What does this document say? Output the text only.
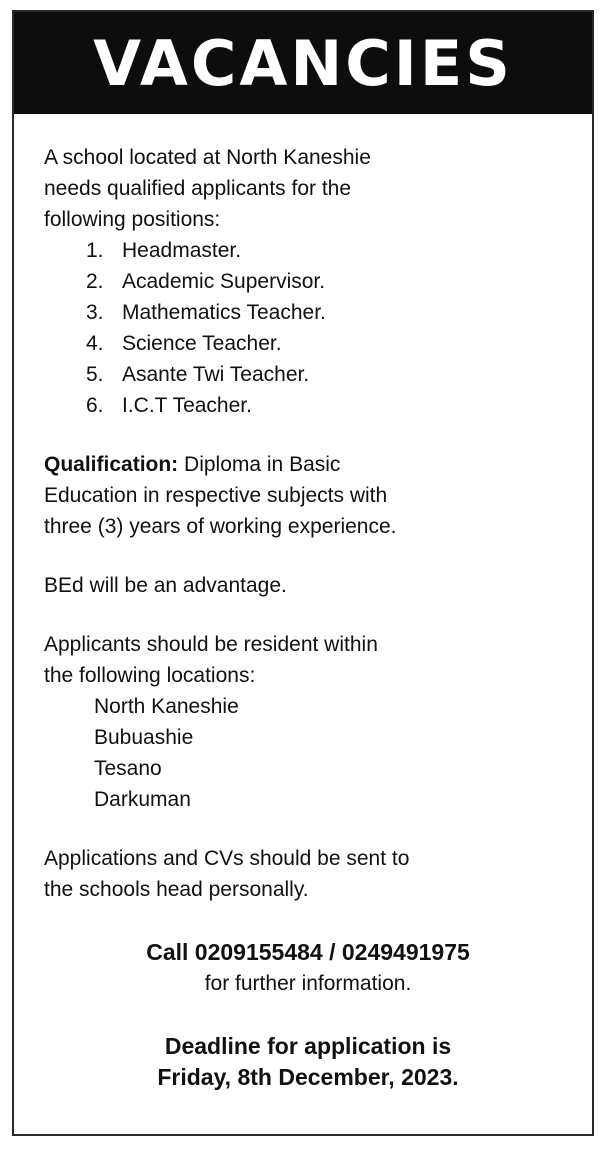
VACANCIES

A school located at North Kaneshie
needs qualified applicants for the
following positions:

1. Headmaster.
2. Academic Supervisor.
3. Mathematics Teacher.
4. Science Teacher.
5. Asante Twi Teacher.
6. I.C.T Teacher.

Qualification: Diploma in Basic
Education in respective subjects with
three (3) years of working experience.

BEd will be an advantage.

Applicants should be resident within
the following locations:

North Kaneshie
Bubuashie
Tesano
Darkuman

Applications and CVs should be sent to
the schools head personally.

Call 0209155484 / 0249491975

for further information.

Deadline for application is
Friday, 8th December, 2023.
